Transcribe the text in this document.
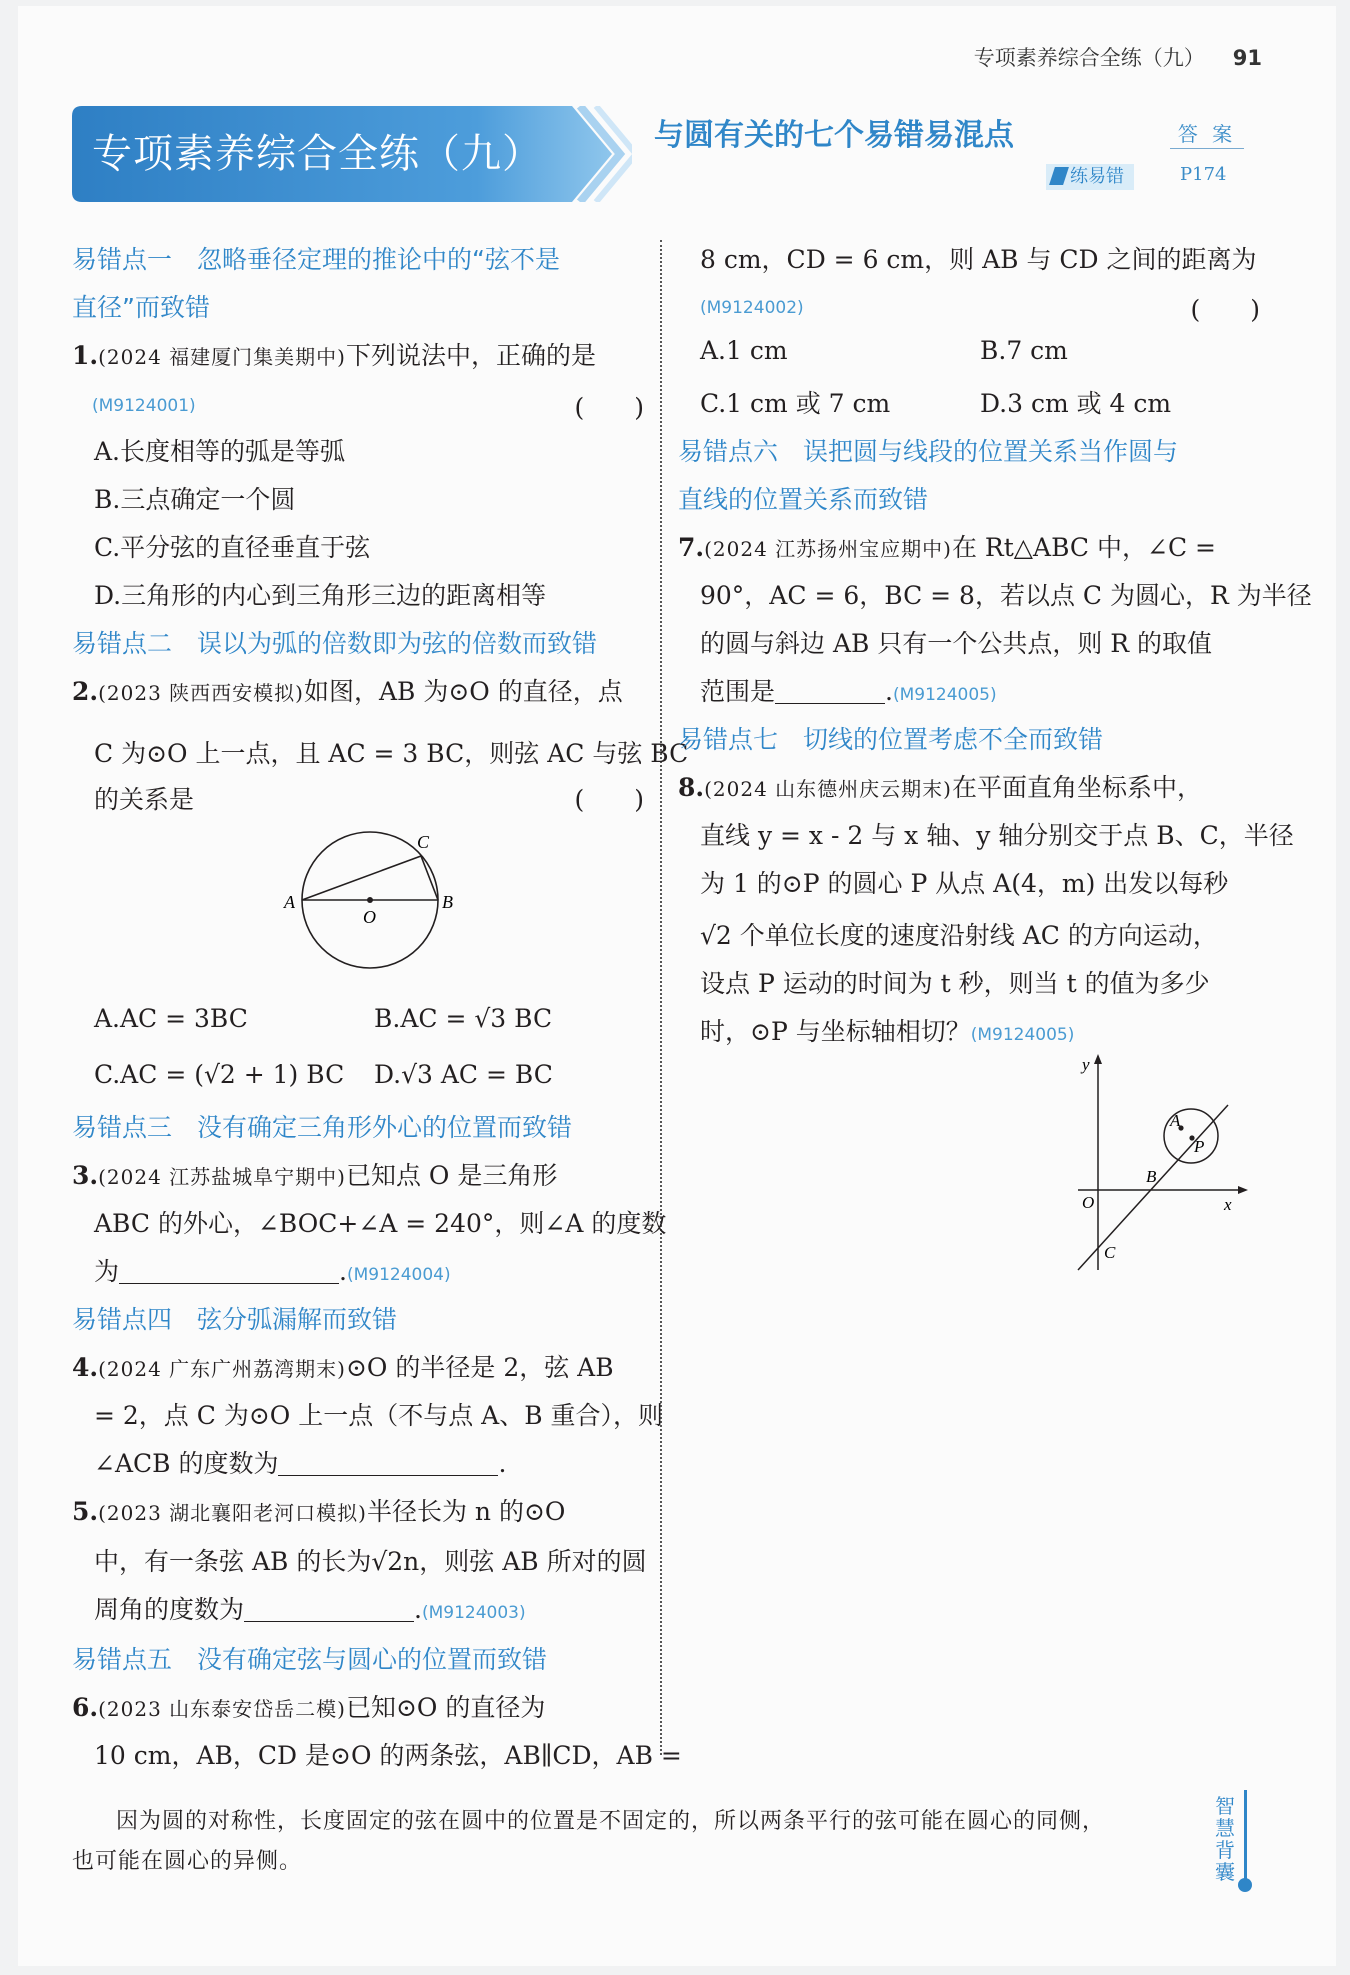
专项素养综合全练（九） 91
专项素养综合全练（九）	与圆有关的七个易错易混点
练易错
答 案
P174
易错点一　忽略垂径定理的推论中的“弦不是
直径”而致错
1.(2024 福建厦门集美期中)下列说法中，正确的是
(M9124001)	(　　)
A.长度相等的弧是等弧
B.三点确定一个圆
C.平分弦的直径垂直于弦
D.三角形的内心到三角形三边的距离相等
易错点二　误以为弧的倍数即为弦的倍数而致错
2.(2023 陕西西安模拟)如图，AB 为⊙O 的直径，点
C 为⊙O 上一点，且 AC = 3 BC，则弦 AC 与弦 BC
的关系是	(　　)
A	B
C
O
A.AC = 3BC	B.AC = √3 BC
C.AC = (√2 + 1) BC D.√3 AC = BC
易错点三　没有确定三角形外心的位置而致错
3.(2024 江苏盐城阜宁期中)已知点 O 是三角形
ABC 的外心，∠BOC+∠A = 240°，则∠A 的度数
为	.(M9124004)
易错点四　弦分弧漏解而致错
4.(2024 广东广州荔湾期末)⊙O 的半径是 2，弦 AB
= 2，点 C 为⊙O 上一点（不与点 A、B 重合），则
∠ACB 的度数为	.
5.(2023 湖北襄阳老河口模拟)半径长为 n 的⊙O
中，有一条弦 AB 的长为√2n，则弦 AB 所对的圆
周角的度数为	.(M9124003)
易错点五　没有确定弦与圆心的位置而致错
6.(2023 山东泰安岱岳二模)已知⊙O 的直径为
10 cm，AB，CD 是⊙O 的两条弦，AB∥CD，AB =
8 cm，CD = 6 cm，则 AB 与 CD 之间的距离为
(M9124002)	(　　)
A.1 cm	B.7 cm
C.1 cm 或 7 cm	D.3 cm 或 4 cm
易错点六　误把圆与线段的位置关系当作圆与
直线的位置关系而致错
7.(2024 江苏扬州宝应期中)在 Rt△ABC 中，∠C =
90°，AC = 6，BC = 8，若以点 C 为圆心，R 为半径
的圆与斜边 AB 只有一个公共点，则 R 的取值
范围是	.(M9124005)
易错点七　切线的位置考虑不全而致错
8.(2024 山东德州庆云期末)在平面直角坐标系中，
直线 y = x - 2 与 x 轴、y 轴分别交于点 B、C，半径
为 1 的⊙P 的圆心 P 从点 A(4，m) 出发以每秒
√2 个单位长度的速度沿射线 AC 的方向运动，
设点 P 运动的时间为 t 秒，则当 t 的值为多少
时，⊙P 与坐标轴相切？(M9124005)
y
x
O
A
P
B
C
因为圆的对称性，长度固定的弦在圆中的位置是不固定的，所以两条平行的弦可能在圆心的同侧，
也可能在圆心的异侧。
智慧背囊
